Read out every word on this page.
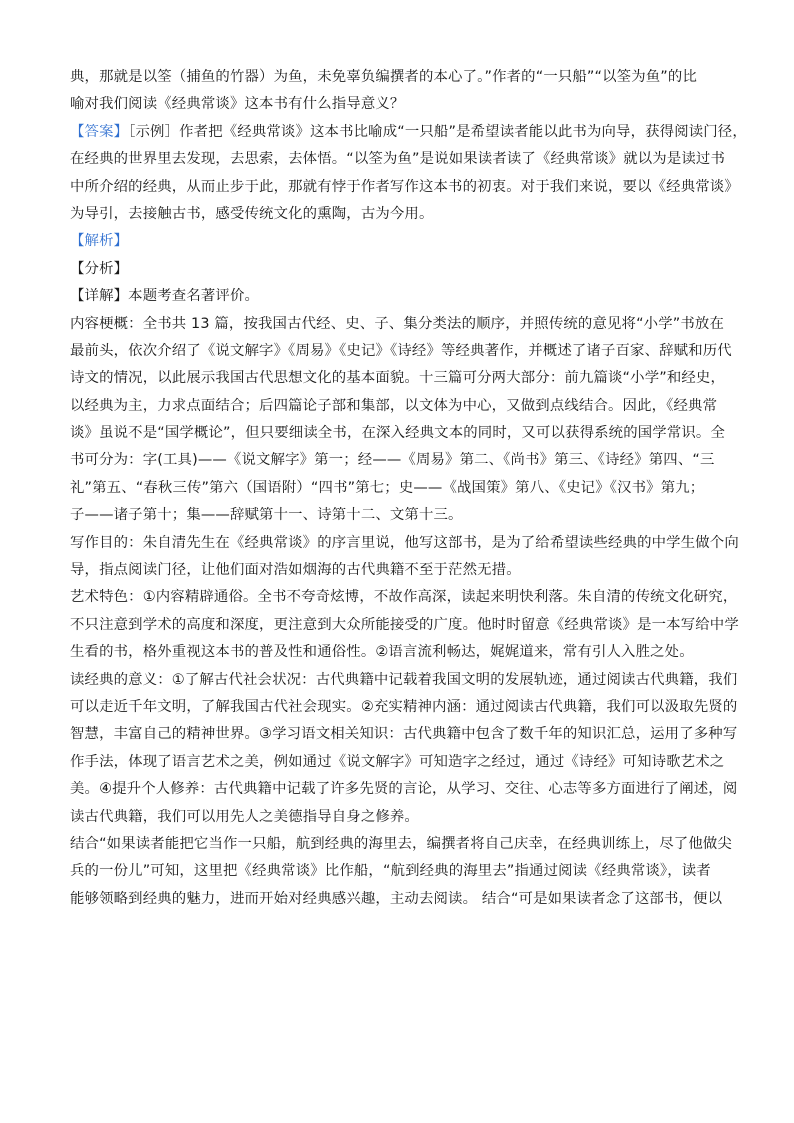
典，那就是以筌（捕鱼的竹器）为鱼，未免辜负编撰者的本心了。”作者的“一只船”“以筌为鱼”的比
喻对我们阅读《经典常谈》这本书有什么指导意义？
【答案】［示例］作者把《经典常谈》这本书比喻成“一只船”是希望读者能以此书为向导，获得阅读门径，
在经典的世界里去发现，去思索，去体悟。“以筌为鱼”是说如果读者读了《经典常谈》就以为是读过书
中所介绍的经典，从而止步于此，那就有悖于作者写作这本书的初衷。对于我们来说，要以《经典常谈》
为导引，去接触古书，感受传统文化的熏陶，古为今用。
【解析】
【分析】
【详解】本题考查名著评价。
内容梗概：全书共 13 篇，按我国古代经、史、子、集分类法的顺序，并照传统的意见将“小学”书放在
最前头，依次介绍了《说文解字》《周易》《史记》《诗经》等经典著作，并概述了诸子百家、辞赋和历代
诗文的情况，以此展示我国古代思想文化的基本面貌。十三篇可分两大部分：前九篇谈“小学”和经史，
以经典为主，力求点面结合；后四篇论子部和集部，以文体为中心，又做到点线结合。因此，《经典常
谈》虽说不是“国学概论”，但只要细读全书，在深入经典文本的同时，又可以获得系统的国学常识。全
书可分为：字(工具)——《说文解字》第一；经——《周易》第二、《尚书》第三、《诗经》第四、“三
礼”第五、“春秋三传”第六（国语附）“四书”第七；史——《战国策》第八、《史记》《汉书》第九；
子——诸子第十；集——辞赋第十一、诗第十二、文第十三。
写作目的：朱自清先生在《经典常谈》的序言里说，他写这部书，是为了给希望读些经典的中学生做个向
导，指点阅读门径，让他们面对浩如烟海的古代典籍不至于茫然无措。
艺术特色：①内容精辟通俗。全书不夸奇炫博，不故作高深，读起来明快利落。朱自清的传统文化研究，
不只注意到学术的高度和深度，更注意到大众所能接受的广度。他时时留意《经典常谈》是一本写给中学
生看的书，格外重视这本书的普及性和通俗性。②语言流利畅达，娓娓道来，常有引人入胜之处。
读经典的意义：①了解古代社会状况：古代典籍中记载着我国文明的发展轨迹，通过阅读古代典籍，我们
可以走近千年文明，了解我国古代社会现实。②充实精神内涵：通过阅读古代典籍，我们可以汲取先贤的
智慧，丰富自己的精神世界。③学习语文相关知识：古代典籍中包含了数千年的知识汇总，运用了多种写
作手法，体现了语言艺术之美，例如通过《说文解字》可知造字之经过，通过《诗经》可知诗歌艺术之
美。④提升个人修养：古代典籍中记载了许多先贤的言论，从学习、交往、心志等多方面进行了阐述，阅
读古代典籍，我们可以用先人之美德指导自身之修养。
结合“如果读者能把它当作一只船，航到经典的海里去，编撰者将自己庆幸，在经典训练上，尽了他做尖
兵的一份儿”可知，这里把《经典常谈》比作船，“航到经典的海里去”指通过阅读《经典常谈》，读者
能够领略到经典的魅力，进而开始对经典感兴趣，主动去阅读。 结合“可是如果读者念了这部书，便以
